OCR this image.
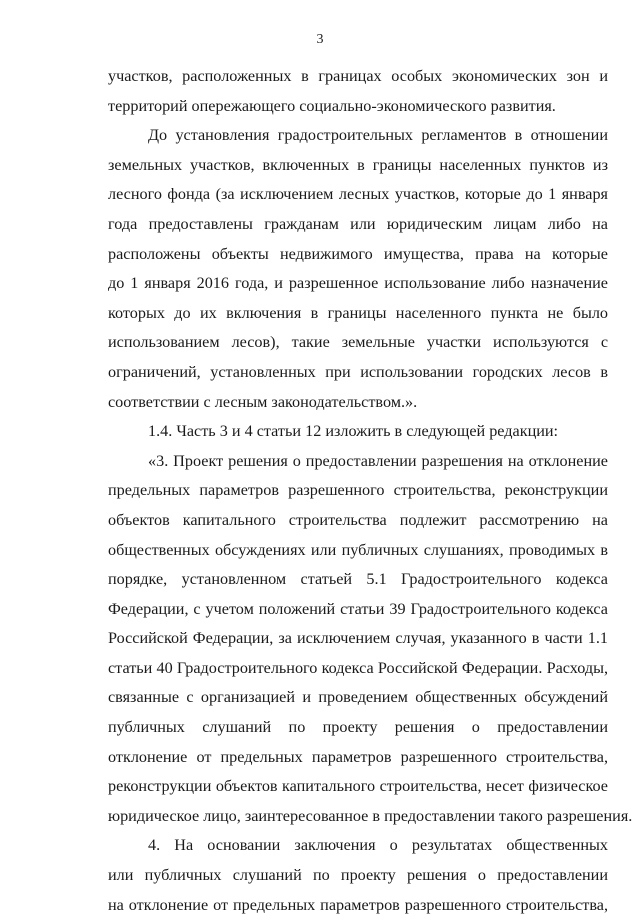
3
участков, расположенных в границах особых экономических зон и
территорий опережающего социально-экономического развития.
До установления градостроительных регламентов в отношении
земельных участков, включенных в границы населенных пунктов из
лесного фонда (за исключением лесных участков, которые до 1 января
года предоставлены гражданам или юридическим лицам либо на
расположены объекты недвижимого имущества, права на которые
до 1 января 2016 года, и разрешенное использование либо назначение
которых до их включения в границы населенного пункта не было
использованием лесов), такие земельные участки используются с
ограничений, установленных при использовании городских лесов в
соответствии с лесным законодательством.».
1.4. Часть 3 и 4 статьи 12 изложить в следующей редакции:
«3. Проект решения о предоставлении разрешения на отклонение
предельных параметров разрешенного строительства, реконструкции
объектов капитального строительства подлежит рассмотрению на
общественных обсуждениях или публичных слушаниях, проводимых в
порядке, установленном статьей 5.1 Градостроительного кодекса
Федерации, с учетом положений статьи 39 Градостроительного кодекса
Российской Федерации, за исключением случая, указанного в части 1.1
статьи 40 Градостроительного кодекса Российской Федерации. Расходы,
связанные с организацией и проведением общественных обсуждений
публичных слушаний по проекту решения о предоставлении
отклонение от предельных параметров разрешенного строительства,
реконструкции объектов капитального строительства, несет физическое
юридическое лицо, заинтересованное в предоставлении такого разрешения.
4. На основании заключения о результатах общественных
или публичных слушаний по проекту решения о предоставлении
на отклонение от предельных параметров разрешенного строительства,
